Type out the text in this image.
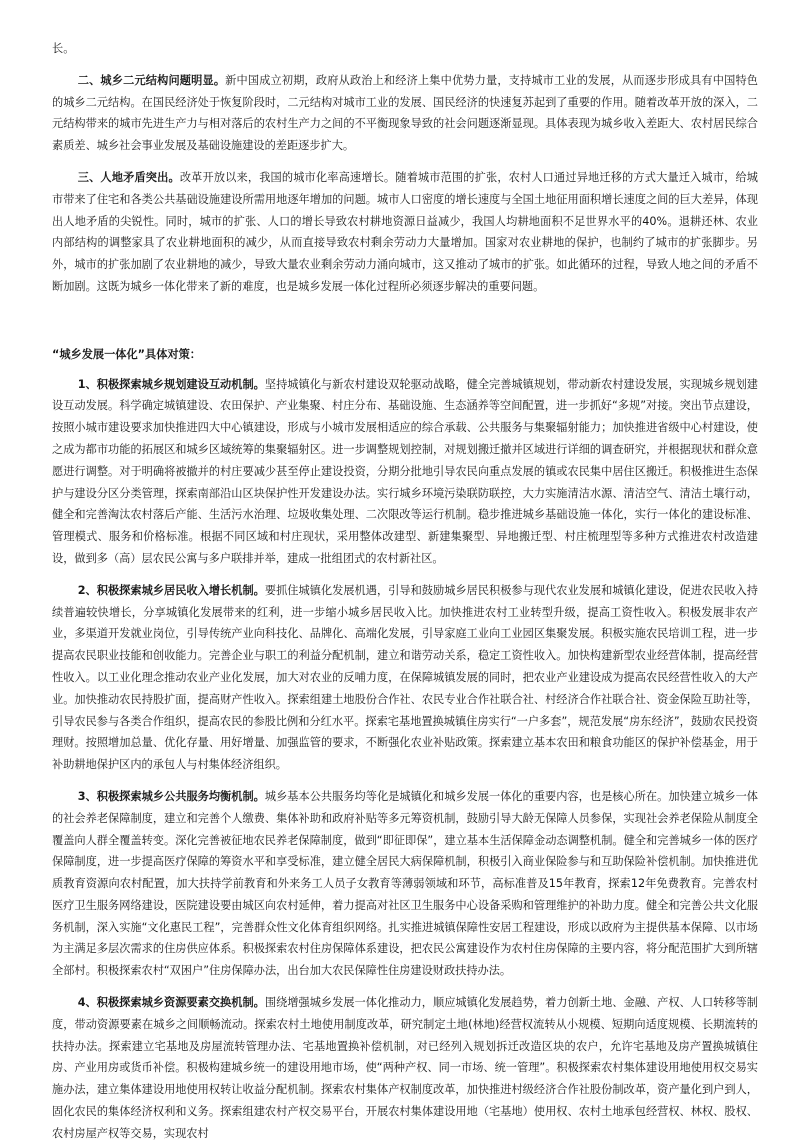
长。

二、城乡二元结构问题明显。新中国成立初期，政府从政治上和经济上集中优势力量，支持城市工业的发展，从而逐步形成具有中国特色的城乡二元结构。在国民经济处于恢复阶段时，二元结构对城市工业的发展、国民经济的快速复苏起到了重要的作用。随着改革开放的深入，二元结构带来的城市先进生产力与相对落后的农村生产力之间的不平衡现象导致的社会问题逐渐显现。具体表现为城乡收入差距大、农村居民综合素质差、城乡社会事业发展及基础设施建设的差距逐步扩大。

三、人地矛盾突出。改革开放以来，我国的城市化率高速增长。随着城市范围的扩张，农村人口通过异地迁移的方式大量迁入城市，给城市带来了住宅和各类公共基础设施建设所需用地逐年增加的问题。城市人口密度的增长速度与全国土地征用面积增长速度之间的巨大差异，体现出人地矛盾的尖锐性。同时，城市的扩张、人口的增长导致农村耕地资源日益减少，我国人均耕地面积不足世界水平的40%。退耕还林、农业内部结构的调整家具了农业耕地面积的减少，从而直接导致农村剩余劳动力大量增加。国家对农业耕地的保护，也制约了城市的扩张脚步。另外，城市的扩张加剧了农业耕地的减少，导致大量农业剩余劳动力涌向城市，这又推动了城市的扩张。如此循环的过程，导致人地之间的矛盾不断加剧。这既为城乡一体化带来了新的难度，也是城乡发展一体化过程所必须逐步解决的重要问题。

“城乡发展一体化”具体对策：

1、积极探索城乡规划建设互动机制。坚持城镇化与新农村建设双轮驱动战略，健全完善城镇规划，带动新农村建设发展，实现城乡规划建设互动发展。科学确定城镇建设、农田保护、产业集聚、村庄分布、基础设施、生态涵养等空间配置，进一步抓好“多规”对接。突出节点建设，按照小城市建设要求加快推进四大中心镇建设，形成与小城市发展相适应的综合承载、公共服务与集聚辐射能力；加快推进省级中心村建设，使之成为都市功能的拓展区和城乡区域统筹的集聚辐射区。进一步调整规划控制，对规划搬迁撤并区域进行详细的调查研究，并根据现状和群众意愿进行调整。对于明确将被撤并的村庄要减少甚至停止建设投资，分期分批地引导农民向重点发展的镇或农民集中居住区搬迁。积极推进生态保护与建设分区分类管理，探索南部沿山区块保护性开发建设办法。实行城乡环境污染联防联控，大力实施清洁水源、清洁空气、清洁土壤行动，健全和完善淘汰农村落后产能、生活污水治理、垃圾收集处理、二次限改等运行机制。稳步推进城乡基础设施一体化，实行一体化的建设标准、管理模式、服务和价格标准。根据不同区域和村庄现状，采用整体改建型、新建集聚型、异地搬迁型、村庄梳理型等多种方式推进农村改造建设，做到多（高）层农民公寓与多户联排并举，建成一批组团式的农村新社区。

2、积极探索城乡居民收入增长机制。要抓住城镇化发展机遇，引导和鼓励城乡居民积极参与现代农业发展和城镇化建设，促进农民收入持续普遍较快增长，分享城镇化发展带来的红利，进一步缩小城乡居民收入比。加快推进农村工业转型升级，提高工资性收入。积极发展非农产业，多渠道开发就业岗位，引导传统产业向科技化、品牌化、高端化发展，引导家庭工业向工业园区集聚发展。积极实施农民培训工程，进一步提高农民职业技能和创收能力。完善企业与职工的利益分配机制，建立和谐劳动关系，稳定工资性收入。加快构建新型农业经营体制，提高经营性收入。以工业化理念推动农业产业化发展，加大对农业的反哺力度，在保障城镇发展的同时，把农业产业建设成为提高农民经营性收入的大产业。加快推动农民持股扩面，提高财产性收入。探索组建土地股份合作社、农民专业合作社联合社、村经济合作社联合社、资金保险互助社等，引导农民参与各类合作组织，提高农民的参股比例和分红水平。探索宅基地置换城镇住房实行“一户多套”，规范发展“房东经济”，鼓励农民投资理财。按照增加总量、优化存量、用好增量、加强监管的要求，不断强化农业补贴政策。探索建立基本农田和粮食功能区的保护补偿基金，用于补助耕地保护区内的承包人与村集体经济组织。

3、积极探索城乡公共服务均衡机制。城乡基本公共服务均等化是城镇化和城乡发展一体化的重要内容，也是核心所在。加快建立城乡一体的社会养老保障制度，建立和完善个人缴费、集体补助和政府补贴等多元筹资机制，鼓励引导大龄无保障人员参保，实现社会养老保险从制度全覆盖向人群全覆盖转变。深化完善被征地农民养老保障制度，做到“即征即保”，建立基本生活保障金动态调整机制。健全和完善城乡一体的医疗保障制度，进一步提高医疗保障的筹资水平和享受标准，建立健全居民大病保障机制，积极引入商业保险参与和互助保险补偿机制。加快推进优质教育资源向农村配置，加大扶持学前教育和外来务工人员子女教育等薄弱领域和环节，高标准普及15年教育，探索12年免费教育。完善农村医疗卫生服务网络建设，医院建设要由城区向农村延伸，着力提高对社区卫生服务中心设备采购和管理维护的补助力度。健全和完善公共文化服务机制，深入实施“文化惠民工程”，完善群众性文化体育组织网络。扎实推进城镇保障性安居工程建设，形成以政府为主提供基本保障、以市场为主满足多层次需求的住房供应体系。积极探索农村住房保障体系建设，把农民公寓建设作为农村住房保障的主要内容，将分配范围扩大到所辖全部村。积极探索农村“双困户”住房保障办法，出台加大农民保障性住房建设财政扶持办法。

4、积极探索城乡资源要素交换机制。围绕增强城乡发展一体化推动力，顺应城镇化发展趋势，着力创新土地、金融、产权、人口转移等制度，带动资源要素在城乡之间顺畅流动。探索农村土地使用制度改革，研究制定土地(林地)经营权流转从小规模、短期向适度规模、长期流转的扶持办法。探索建立宅基地及房屋流转管理办法、宅基地置换补偿机制，对已经列入规划拆迁改造区块的农户，允许宅基地及房产置换城镇住房、产业用房或货币补偿。积极构建城乡统一的建设用地市场，使“两种产权、同一市场、统一管理”。积极探索农村集体建设用地使用权交易实施办法，建立集体建设用地使用权转让收益分配机制。探索农村集体产权制度改革，加快推进村级经济合作社股份制改革，资产量化到户到人，固化农民的集体经济权利和义务。探索组建农村产权交易平台，开展农村集体建设用地（宅基地）使用权、农村土地承包经营权、林权、股权、农村房屋产权等交易，实现农村
